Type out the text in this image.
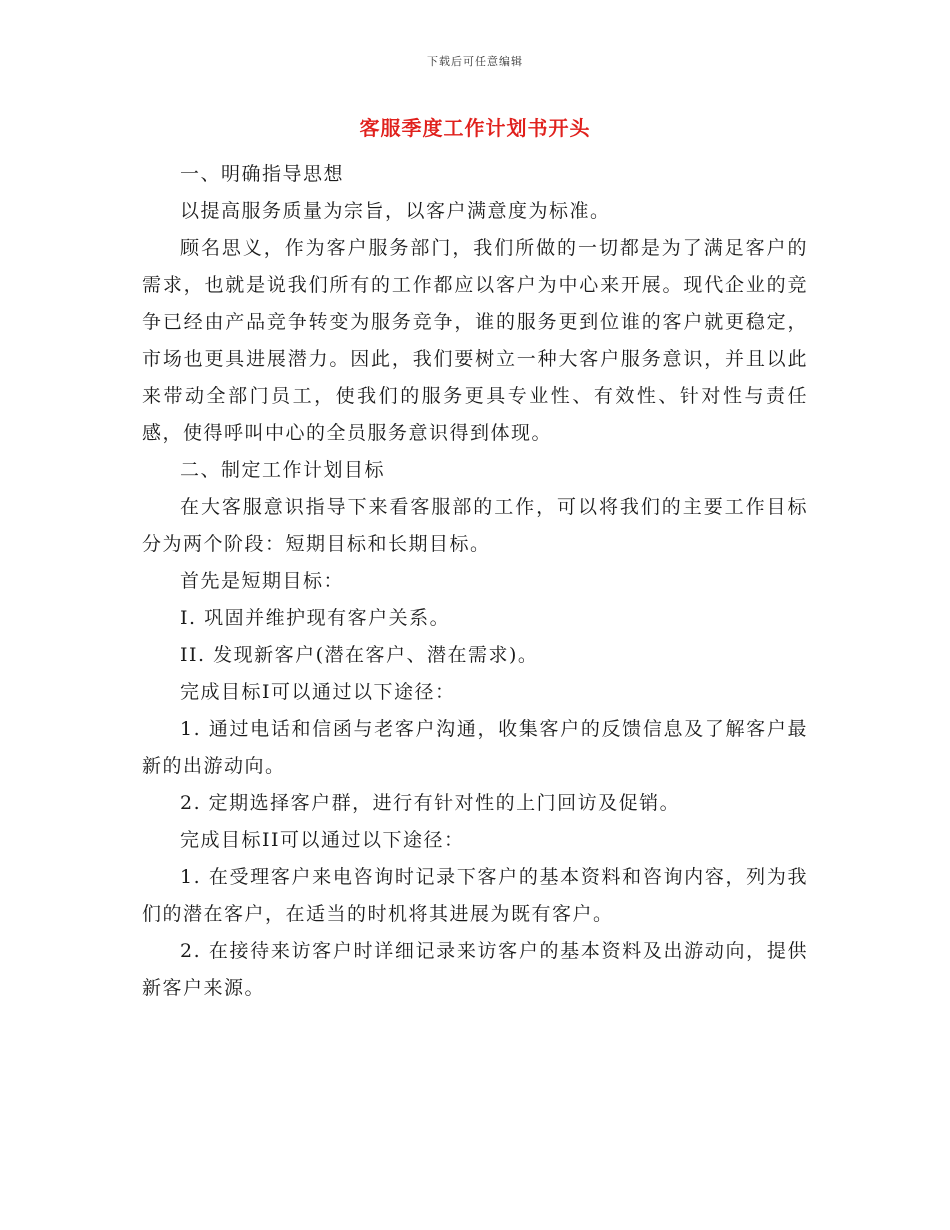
下载后可任意编辑
客服季度工作计划书开头

一、明确指导思想

以提高服务质量为宗旨，以客户满意度为标准。

顾名思义，作为客户服务部门，我们所做的一切都是为了满足客户的需求，也就是说我们所有的工作都应以客户为中心来开展。现代企业的竞争已经由产品竞争转变为服务竞争，谁的服务更到位谁的客户就更稳定，市场也更具进展潜力。因此，我们要树立一种大客户服务意识，并且以此来带动全部门员工，使我们的服务更具专业性、有效性、针对性与责任感，使得呼叫中心的全员服务意识得到体现。

二、制定工作计划目标

在大客服意识指导下来看客服部的工作，可以将我们的主要工作目标分为两个阶段：短期目标和长期目标。

首先是短期目标：

I. 巩固并维护现有客户关系。

II. 发现新客户(潜在客户、潜在需求)。

完成目标I可以通过以下途径：

1. 通过电话和信函与老客户沟通，收集客户的反馈信息及了解客户最新的出游动向。

2. 定期选择客户群，进行有针对性的上门回访及促销。

完成目标II可以通过以下途径：

1. 在受理客户来电咨询时记录下客户的基本资料和咨询内容，列为我们的潜在客户，在适当的时机将其进展为既有客户。

2. 在接待来访客户时详细记录来访客户的基本资料及出游动向，提供新客户来源。
